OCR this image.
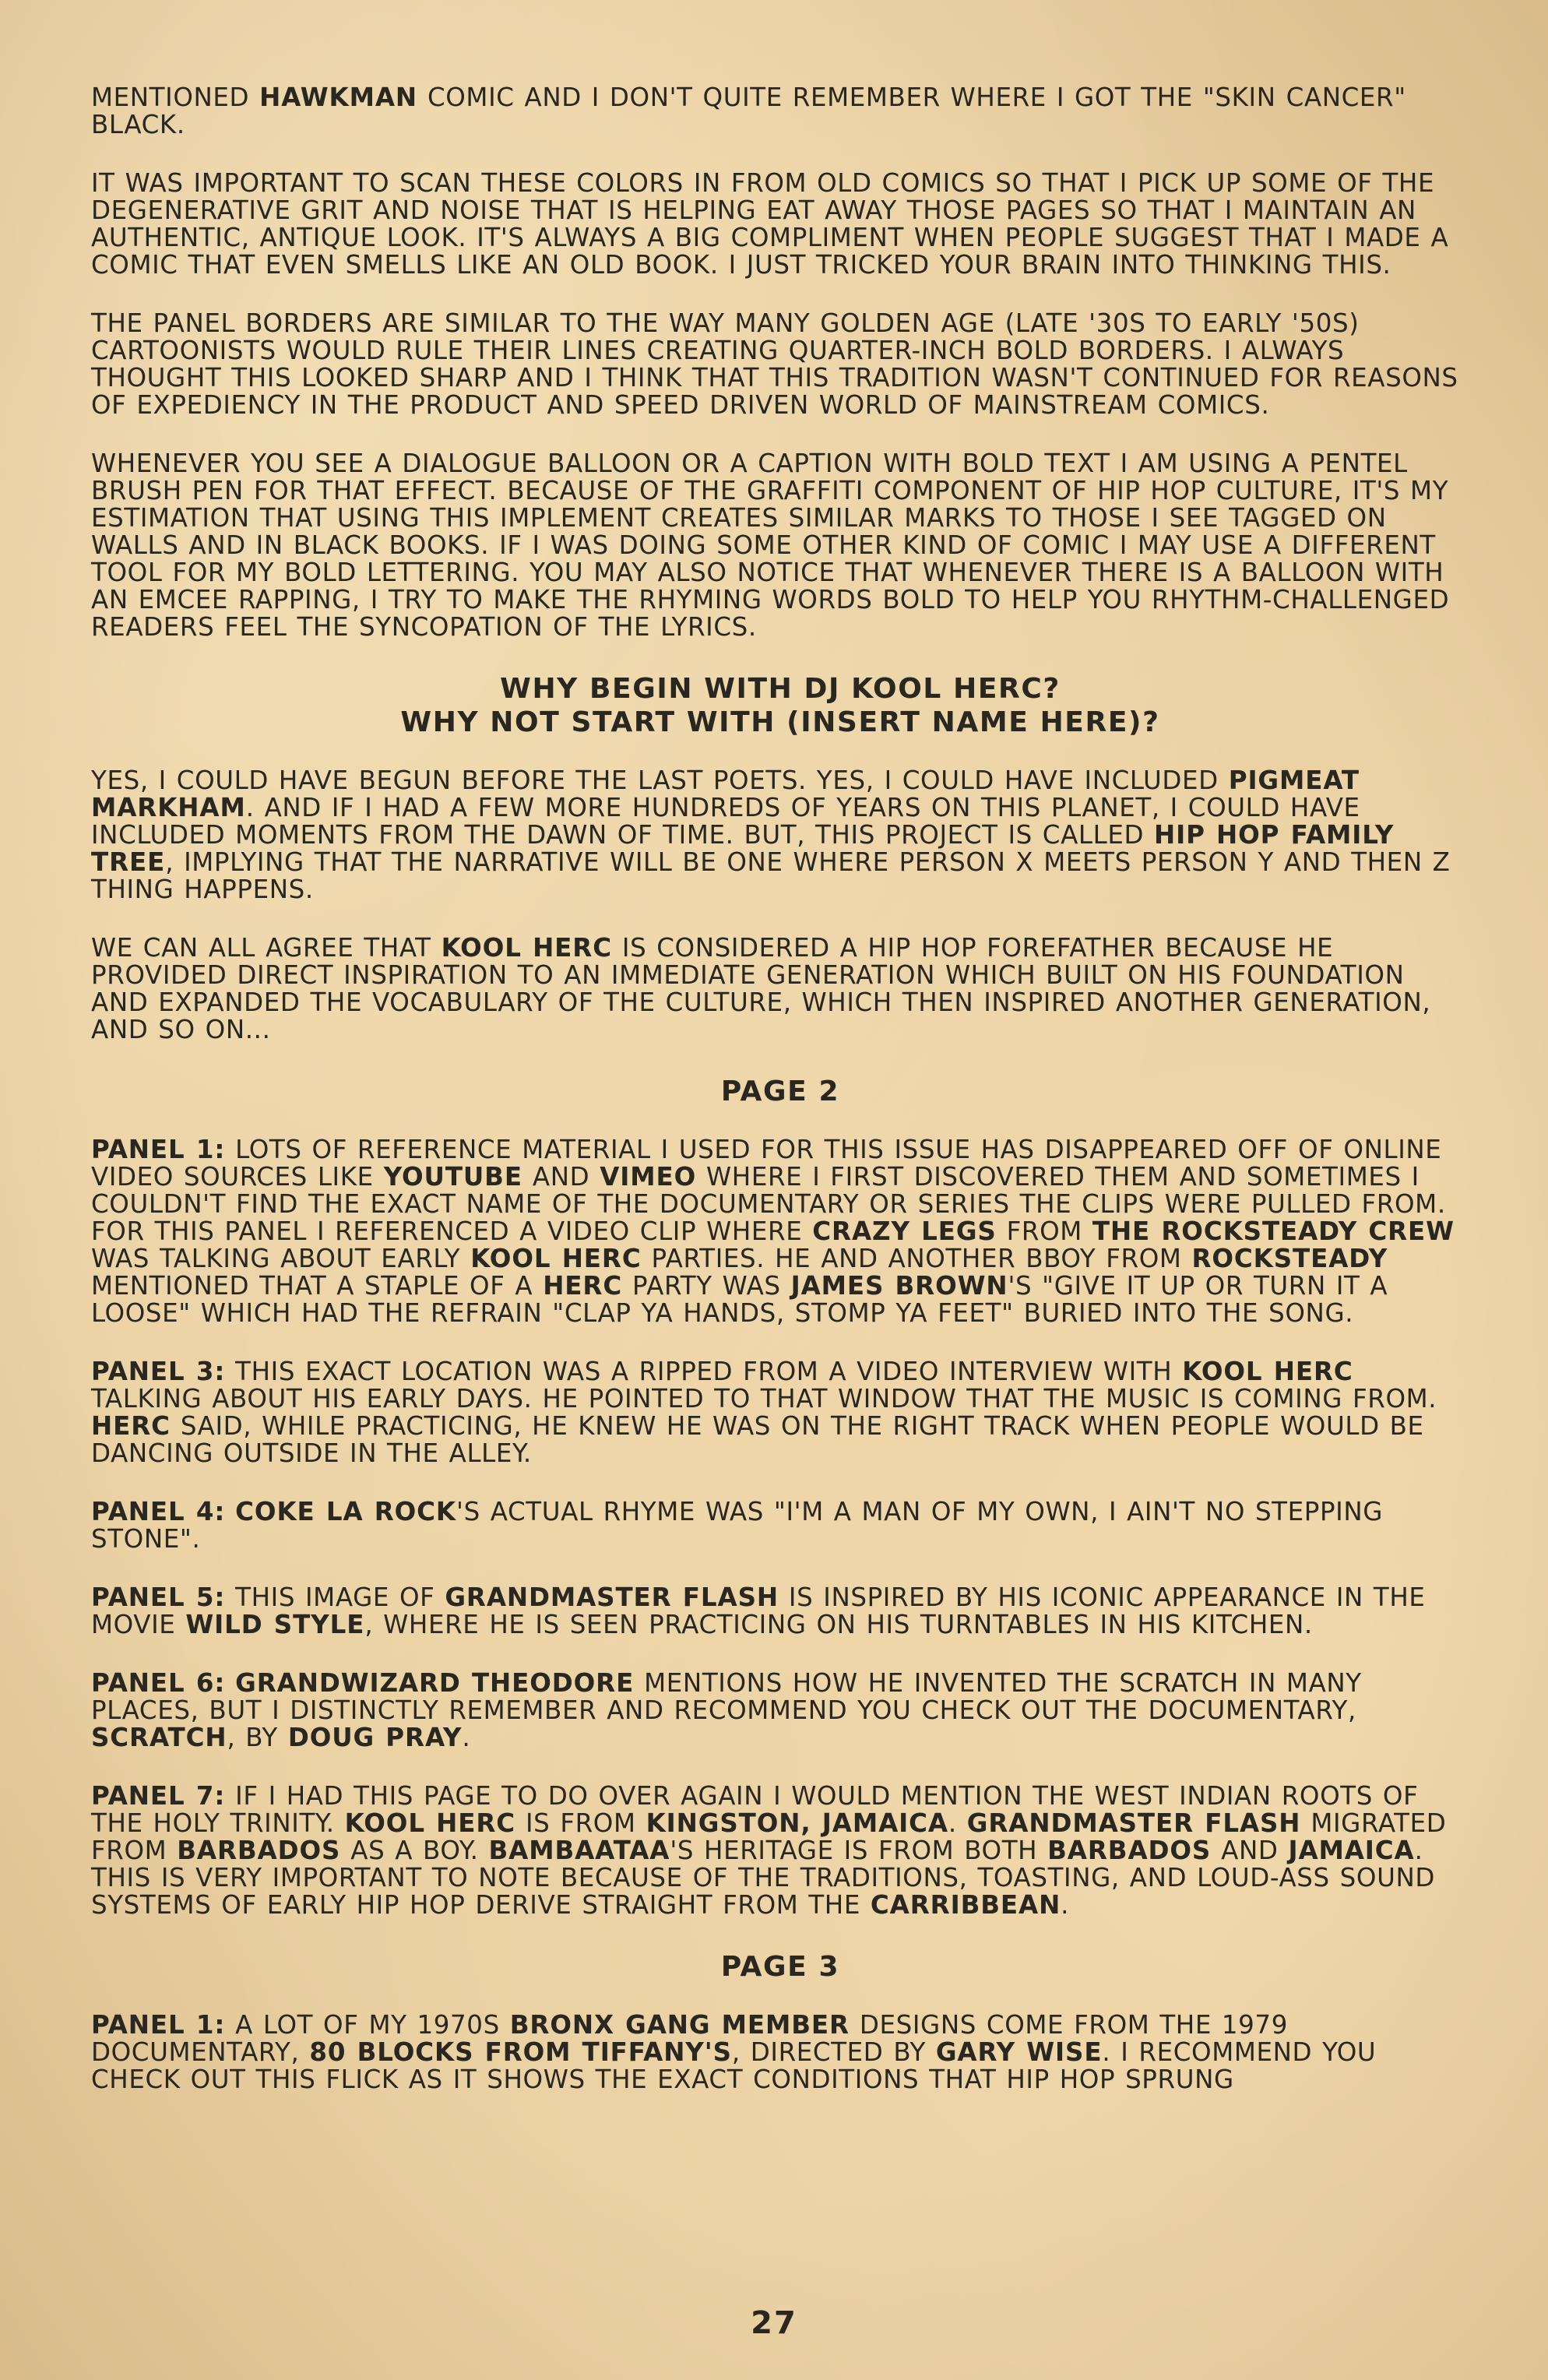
MENTIONED HAWKMAN COMIC AND I DON'T QUITE REMEMBER WHERE I GOT THE "SKIN CANCER" BLACK.

IT WAS IMPORTANT TO SCAN THESE COLORS IN FROM OLD COMICS SO THAT I PICK UP SOME OF THE DEGENERATIVE GRIT AND NOISE THAT IS HELPING EAT AWAY THOSE PAGES SO THAT I MAINTAIN AN AUTHENTIC, ANTIQUE LOOK. IT'S ALWAYS A BIG COMPLIMENT WHEN PEOPLE SUGGEST THAT I MADE A COMIC THAT EVEN SMELLS LIKE AN OLD BOOK. I JUST TRICKED YOUR BRAIN INTO THINKING THIS.

THE PANEL BORDERS ARE SIMILAR TO THE WAY MANY GOLDEN AGE (LATE '30S TO EARLY '50S) CARTOONISTS WOULD RULE THEIR LINES CREATING QUARTER-INCH BOLD BORDERS. I ALWAYS THOUGHT THIS LOOKED SHARP AND I THINK THAT THIS TRADITION WASN'T CONTINUED FOR REASONS OF EXPEDIENCY IN THE PRODUCT AND SPEED DRIVEN WORLD OF MAINSTREAM COMICS.

WHENEVER YOU SEE A DIALOGUE BALLOON OR A CAPTION WITH BOLD TEXT I AM USING A PENTEL BRUSH PEN FOR THAT EFFECT. BECAUSE OF THE GRAFFITI COMPONENT OF HIP HOP CULTURE, IT'S MY ESTIMATION THAT USING THIS IMPLEMENT CREATES SIMILAR MARKS TO THOSE I SEE TAGGED ON WALLS AND IN BLACK BOOKS. IF I WAS DOING SOME OTHER KIND OF COMIC I MAY USE A DIFFERENT TOOL FOR MY BOLD LETTERING. YOU MAY ALSO NOTICE THAT WHENEVER THERE IS A BALLOON WITH AN EMCEE RAPPING, I TRY TO MAKE THE RHYMING WORDS BOLD TO HELP YOU RHYTHM-CHALLENGED READERS FEEL THE SYNCOPATION OF THE LYRICS.

WHY BEGIN WITH DJ KOOL HERC?
WHY NOT START WITH (INSERT NAME HERE)?

YES, I COULD HAVE BEGUN BEFORE THE LAST POETS. YES, I COULD HAVE INCLUDED PIGMEAT MARKHAM. AND IF I HAD A FEW MORE HUNDREDS OF YEARS ON THIS PLANET, I COULD HAVE INCLUDED MOMENTS FROM THE DAWN OF TIME. BUT, THIS PROJECT IS CALLED HIP HOP FAMILY TREE, IMPLYING THAT THE NARRATIVE WILL BE ONE WHERE PERSON X MEETS PERSON Y AND THEN Z THING HAPPENS.

WE CAN ALL AGREE THAT KOOL HERC IS CONSIDERED A HIP HOP FOREFATHER BECAUSE HE PROVIDED DIRECT INSPIRATION TO AN IMMEDIATE GENERATION WHICH BUILT ON HIS FOUNDATION AND EXPANDED THE VOCABULARY OF THE CULTURE, WHICH THEN INSPIRED ANOTHER GENERATION, AND SO ON...

PAGE 2

PANEL 1: LOTS OF REFERENCE MATERIAL I USED FOR THIS ISSUE HAS DISAPPEARED OFF OF ONLINE VIDEO SOURCES LIKE YOUTUBE AND VIMEO WHERE I FIRST DISCOVERED THEM AND SOMETIMES I COULDN'T FIND THE EXACT NAME OF THE DOCUMENTARY OR SERIES THE CLIPS WERE PULLED FROM. FOR THIS PANEL I REFERENCED A VIDEO CLIP WHERE CRAZY LEGS FROM THE ROCKSTEADY CREW WAS TALKING ABOUT EARLY KOOL HERC PARTIES. HE AND ANOTHER BBOY FROM ROCKSTEADY MENTIONED THAT A STAPLE OF A HERC PARTY WAS JAMES BROWN'S "GIVE IT UP OR TURN IT A LOOSE" WHICH HAD THE REFRAIN "CLAP YA HANDS, STOMP YA FEET" BURIED INTO THE SONG.

PANEL 3: THIS EXACT LOCATION WAS A RIPPED FROM A VIDEO INTERVIEW WITH KOOL HERC TALKING ABOUT HIS EARLY DAYS. HE POINTED TO THAT WINDOW THAT THE MUSIC IS COMING FROM. HERC SAID, WHILE PRACTICING, HE KNEW HE WAS ON THE RIGHT TRACK WHEN PEOPLE WOULD BE DANCING OUTSIDE IN THE ALLEY.

PANEL 4: COKE LA ROCK'S ACTUAL RHYME WAS "I'M A MAN OF MY OWN, I AIN'T NO STEPPING STONE".

PANEL 5: THIS IMAGE OF GRANDMASTER FLASH IS INSPIRED BY HIS ICONIC APPEARANCE IN THE MOVIE WILD STYLE, WHERE HE IS SEEN PRACTICING ON HIS TURNTABLES IN HIS KITCHEN.

PANEL 6: GRANDWIZARD THEODORE MENTIONS HOW HE INVENTED THE SCRATCH IN MANY PLACES, BUT I DISTINCTLY REMEMBER AND RECOMMEND YOU CHECK OUT THE DOCUMENTARY, SCRATCH, BY DOUG PRAY.

PANEL 7: IF I HAD THIS PAGE TO DO OVER AGAIN I WOULD MENTION THE WEST INDIAN ROOTS OF THE HOLY TRINITY. KOOL HERC IS FROM KINGSTON, JAMAICA. GRANDMASTER FLASH MIGRATED FROM BARBADOS AS A BOY. BAMBAATAA'S HERITAGE IS FROM BOTH BARBADOS AND JAMAICA. THIS IS VERY IMPORTANT TO NOTE BECAUSE OF THE TRADITIONS, TOASTING, AND LOUD-ASS SOUND SYSTEMS OF EARLY HIP HOP DERIVE STRAIGHT FROM THE CARRIBBEAN.

PAGE 3

PANEL 1: A LOT OF MY 1970S BRONX GANG MEMBER DESIGNS COME FROM THE 1979 DOCUMENTARY, 80 BLOCKS FROM TIFFANY'S, DIRECTED BY GARY WISE. I RECOMMEND YOU CHECK OUT THIS FLICK AS IT SHOWS THE EXACT CONDITIONS THAT HIP HOP SPRUNG

27
